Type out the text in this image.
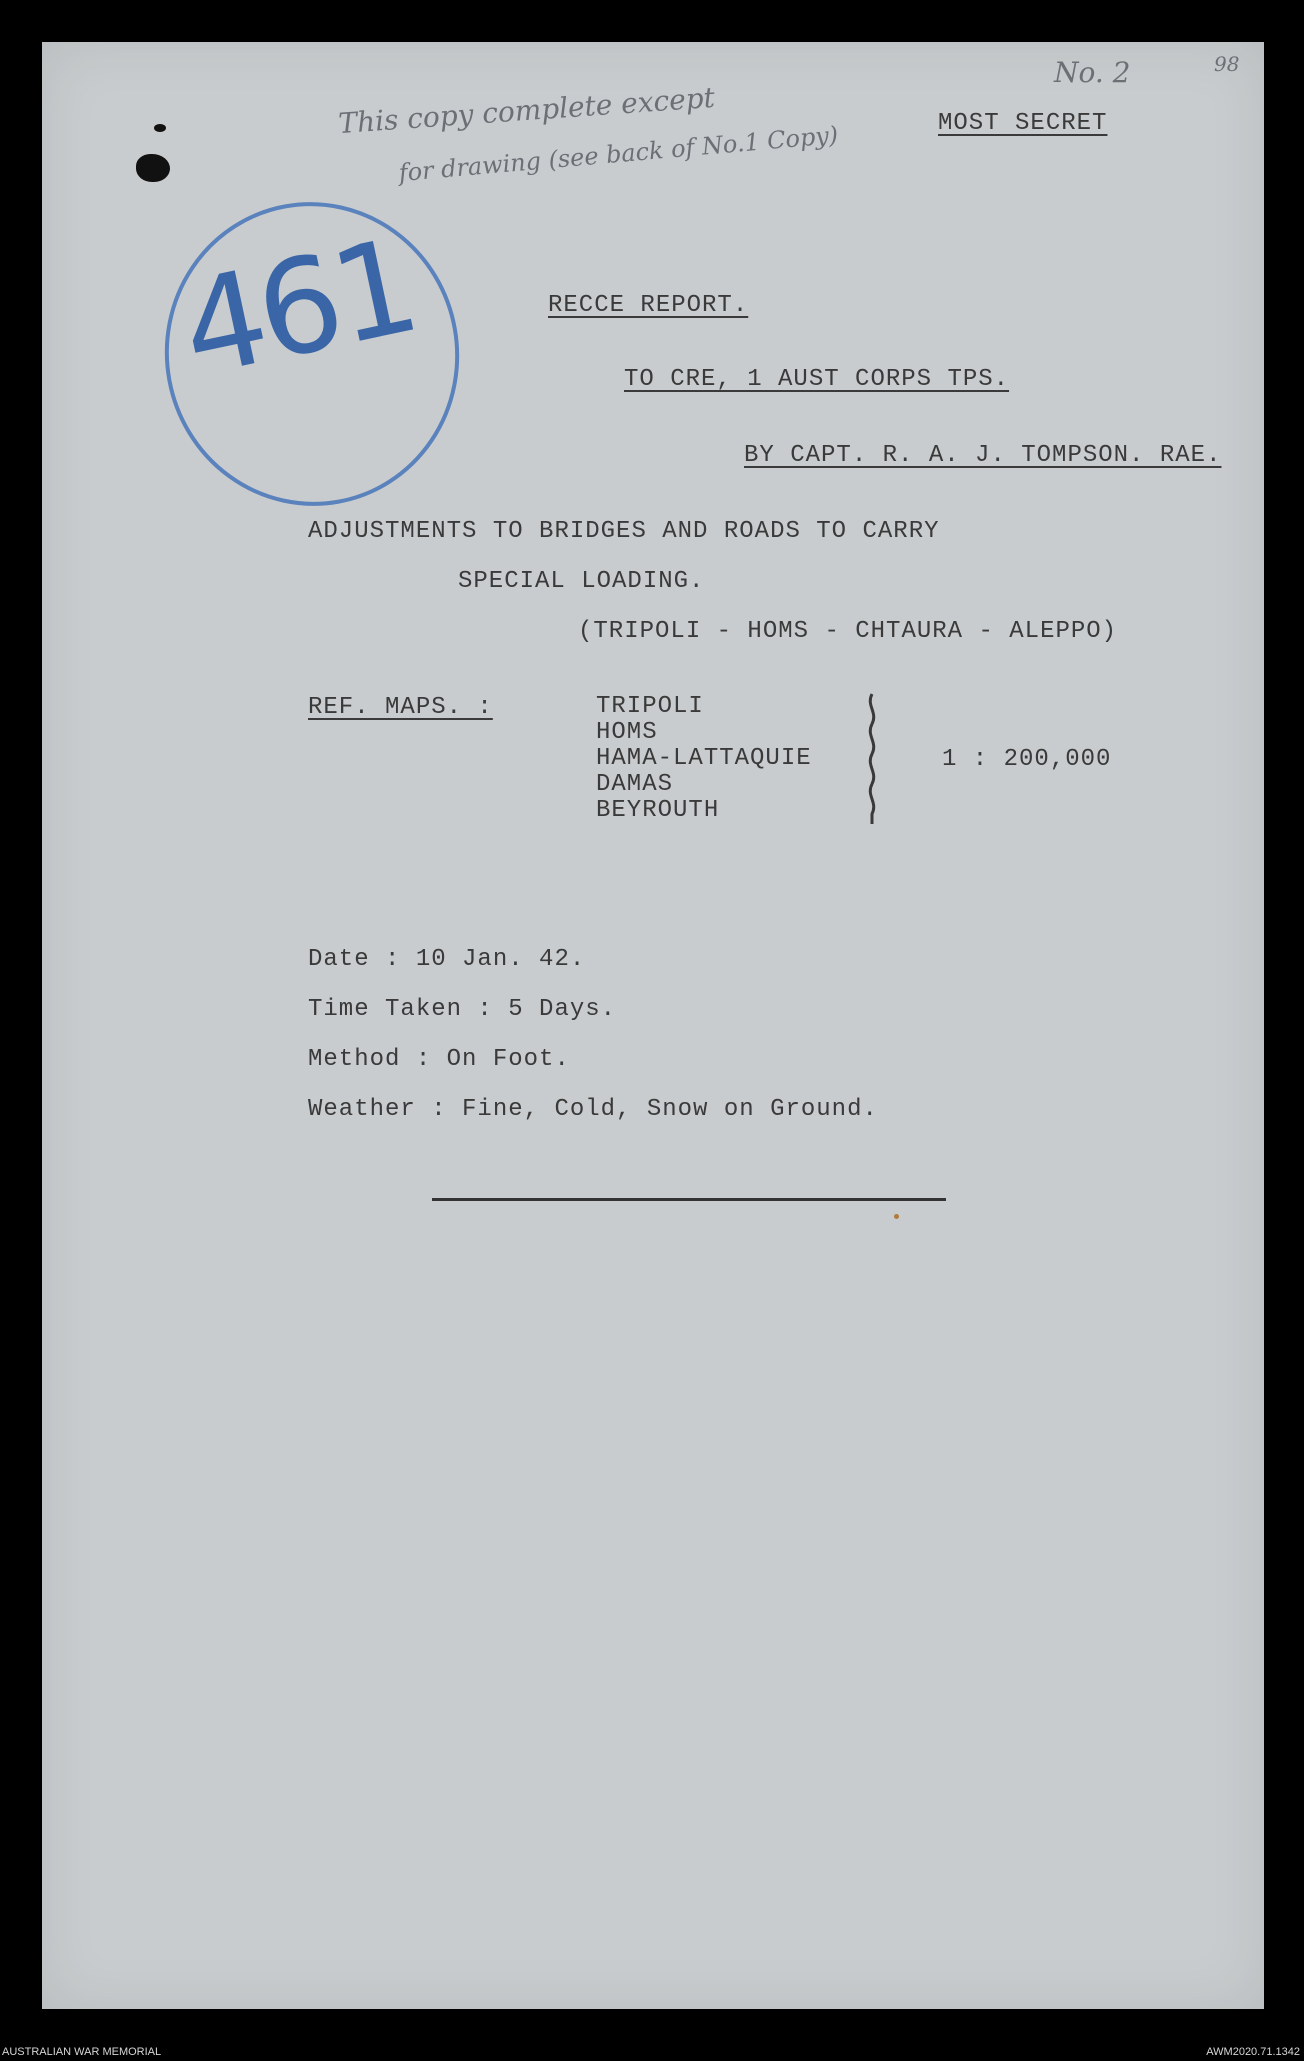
This copy complete except
for drawing (see back of No.1 Copy)
No. 2	98
461
MOST SECRET
RECCE REPORT.
TO CRE, 1 AUST CORPS TPS.
BY CAPT. R. A. J. TOMPSON. RAE.
ADJUSTMENTS TO BRIDGES AND ROADS TO CARRY
SPECIAL LOADING.
(TRIPOLI - HOMS - CHTAURA - ALEPPO)
REF. MAPS. :	TRIPOLI
HOMS
HAMA-LATTAQUIE
DAMAS
BEYROUTH
1 : 200,000
Date : 10 Jan. 42.
Time Taken : 5 Days.
Method : On Foot.
Weather : Fine, Cold, Snow on Ground.
AUSTRALIAN WAR MEMORIAL	AWM2020.71.1342
